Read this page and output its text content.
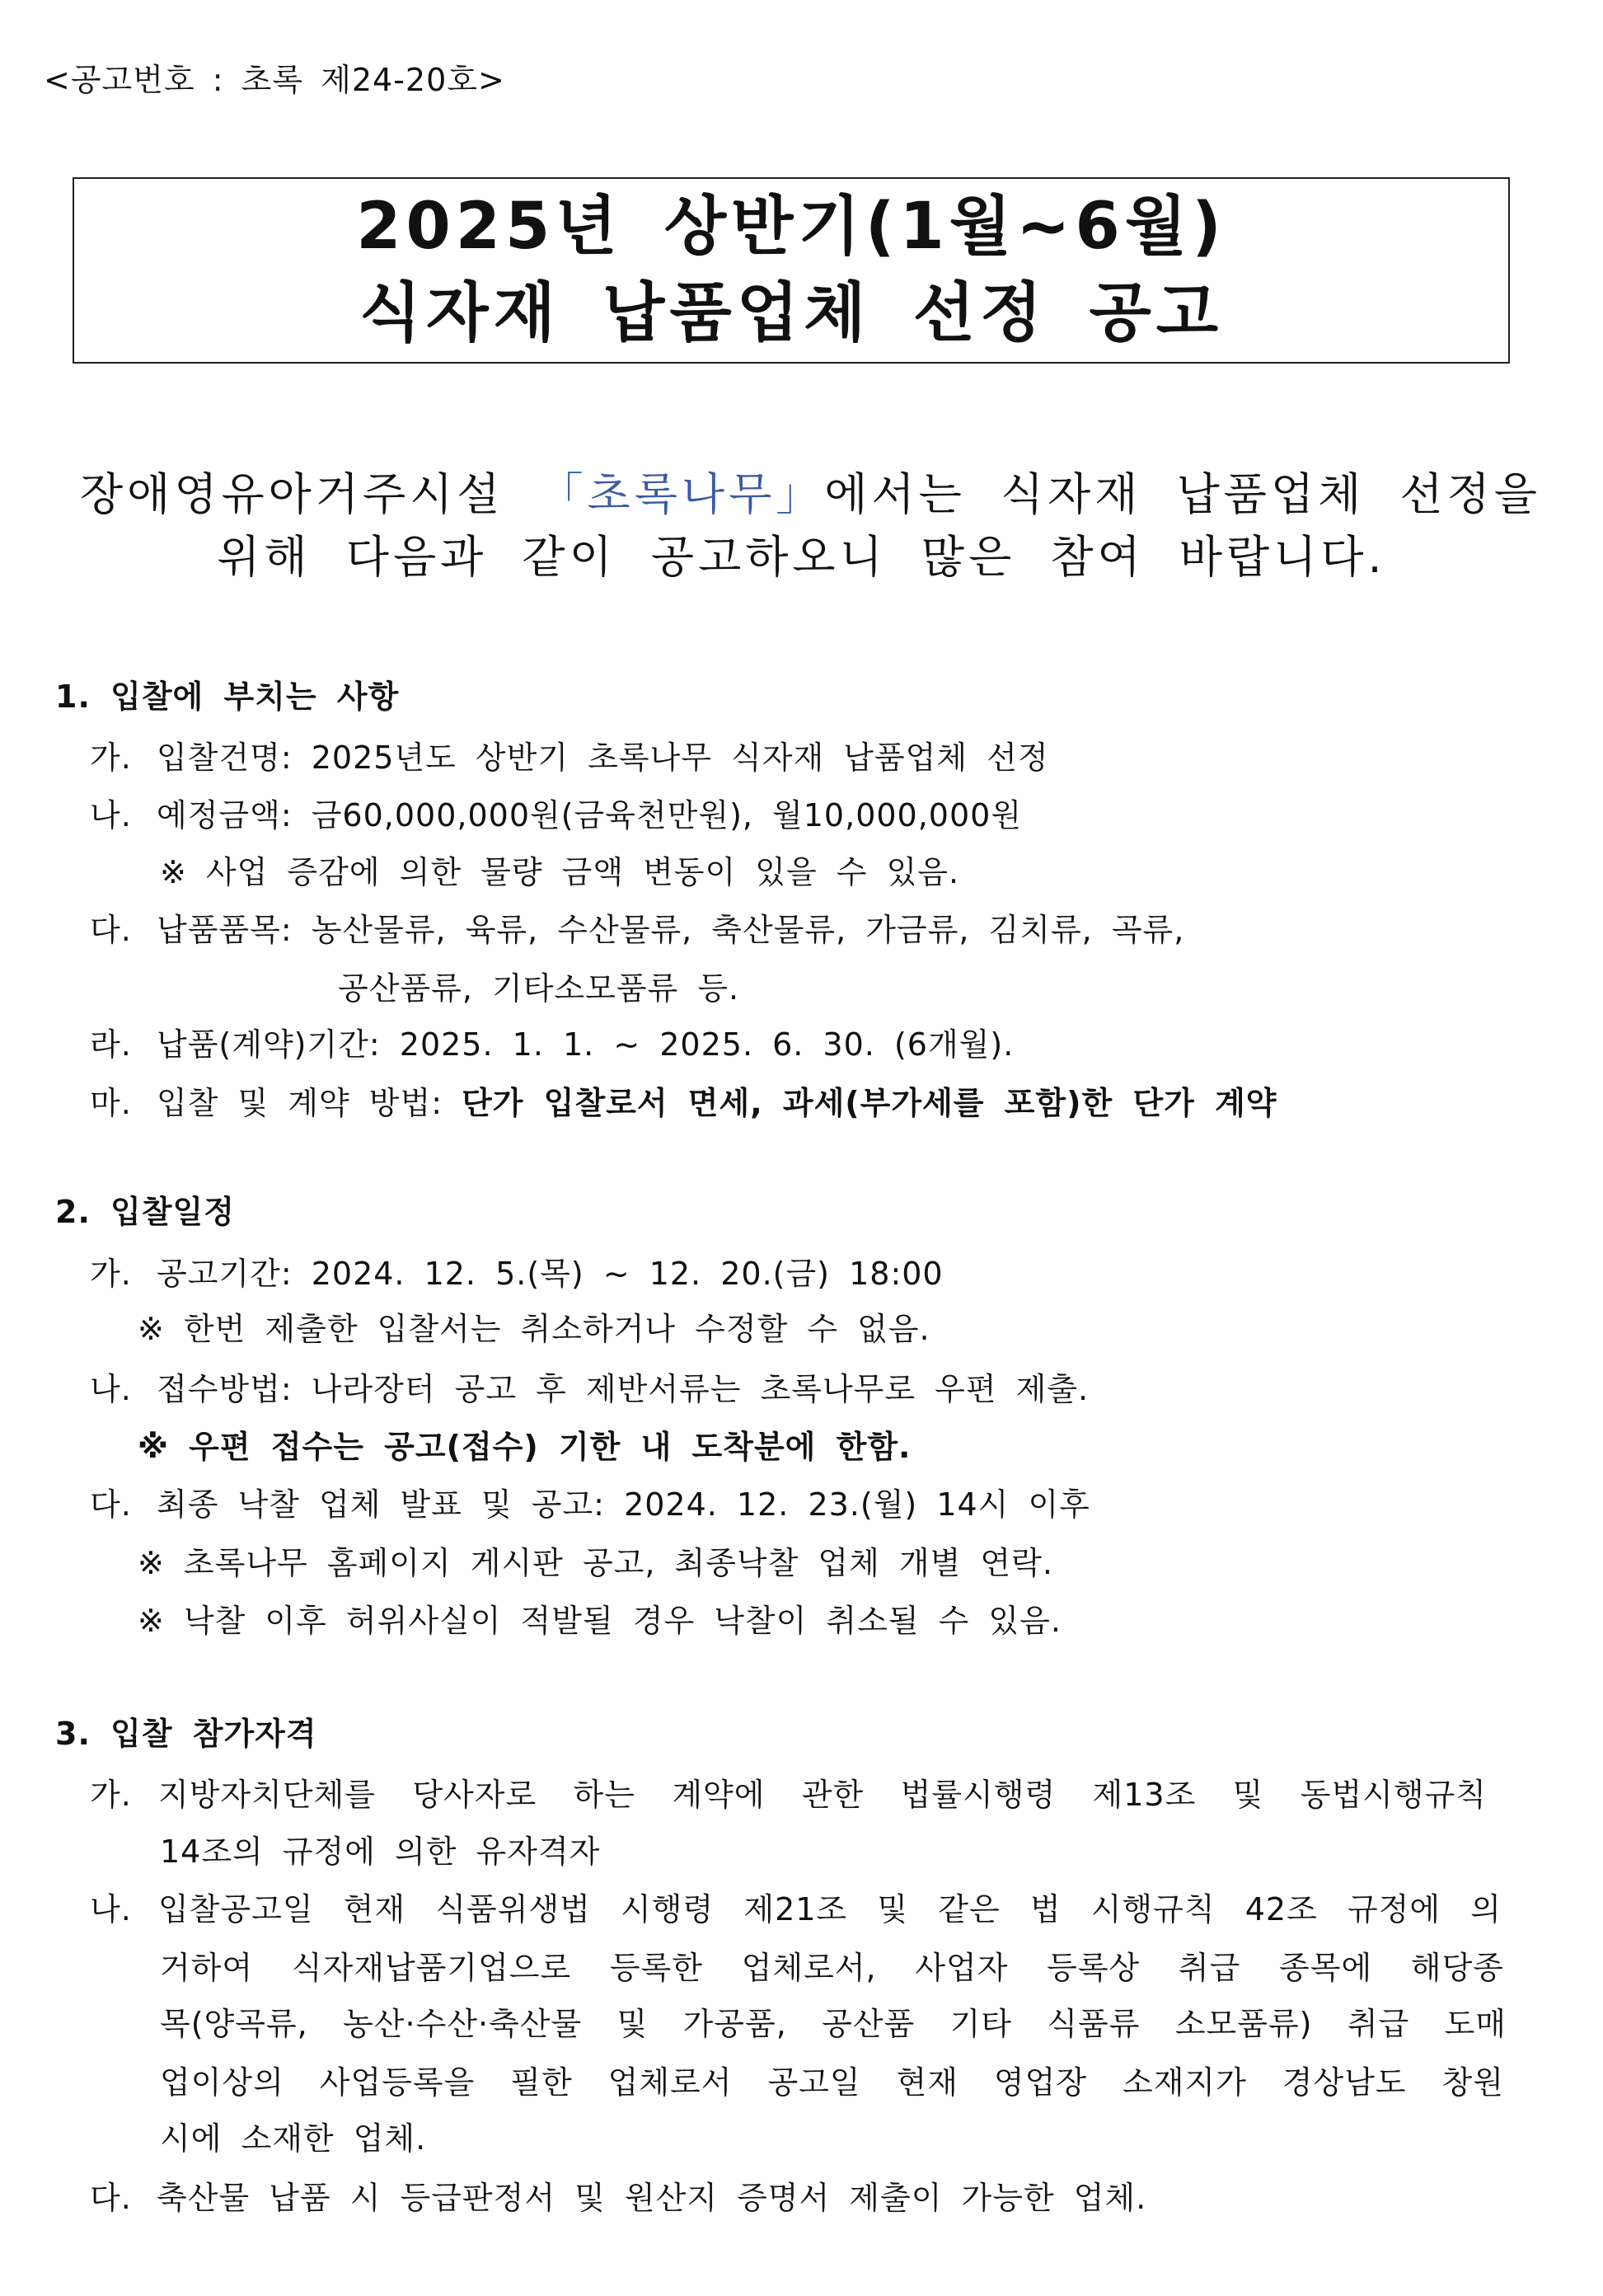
<공고번호 : 초록 제24-20호>
2025년 상반기(1월~6월)
식자재 납품업체 선정 공고
장애영유아거주시설 「초록나무」에서는 식자재 납품업체 선정을
위해 다음과 같이 공고하오니 많은 참여 바랍니다.
1. 입찰에 부치는 사항
가. 입찰건명: 2025년도 상반기 초록나무 식자재 납품업체 선정
나. 예정금액: 금60,000,000원(금육천만원), 월10,000,000원
※ 사업 증감에 의한 물량 금액 변동이 있을 수 있음.
다. 납품품목: 농산물류, 육류, 수산물류, 축산물류, 가금류, 김치류, 곡류,
공산품류, 기타소모품류 등.
라. 납품(계약)기간: 2025. 1. 1. ~ 2025. 6. 30. (6개월).
마. 입찰 및 계약 방법: 단가 입찰로서 면세, 과세(부가세를 포함)한 단가 계약
2. 입찰일정
가. 공고기간: 2024. 12. 5.(목) ~ 12. 20.(금) 18:00
※ 한번 제출한 입찰서는 취소하거나 수정할 수 없음.
나. 접수방법: 나라장터 공고 후 제반서류는 초록나무로 우편 제출.
※ 우편 접수는 공고(접수) 기한 내 도착분에 한함.
다. 최종 낙찰 업체 발표 및 공고: 2024. 12. 23.(월) 14시 이후
※ 초록나무 홈페이지 게시판 공고, 최종낙찰 업체 개별 연락.
※ 낙찰 이후 허위사실이 적발될 경우 낙찰이 취소될 수 있음.
3. 입찰 참가자격
가. 지방자치단체를 당사자로 하는 계약에 관한 법률시행령 제13조 및 동법시행규칙
14조의 규정에 의한 유자격자
나. 입찰공고일 현재 식품위생법 시행령 제21조 및 같은 법 시행규칙 42조 규정에 의
거하여 식자재납품기업으로 등록한 업체로서, 사업자 등록상 취급 종목에 해당종
목(양곡류, 농산·수산·축산물 및 가공품, 공산품 기타 식품류 소모품류) 취급 도매
업이상의 사업등록을 필한 업체로서 공고일 현재 영업장 소재지가 경상남도 창원
시에 소재한 업체.
다. 축산물 납품 시 등급판정서 및 원산지 증명서 제출이 가능한 업체.
